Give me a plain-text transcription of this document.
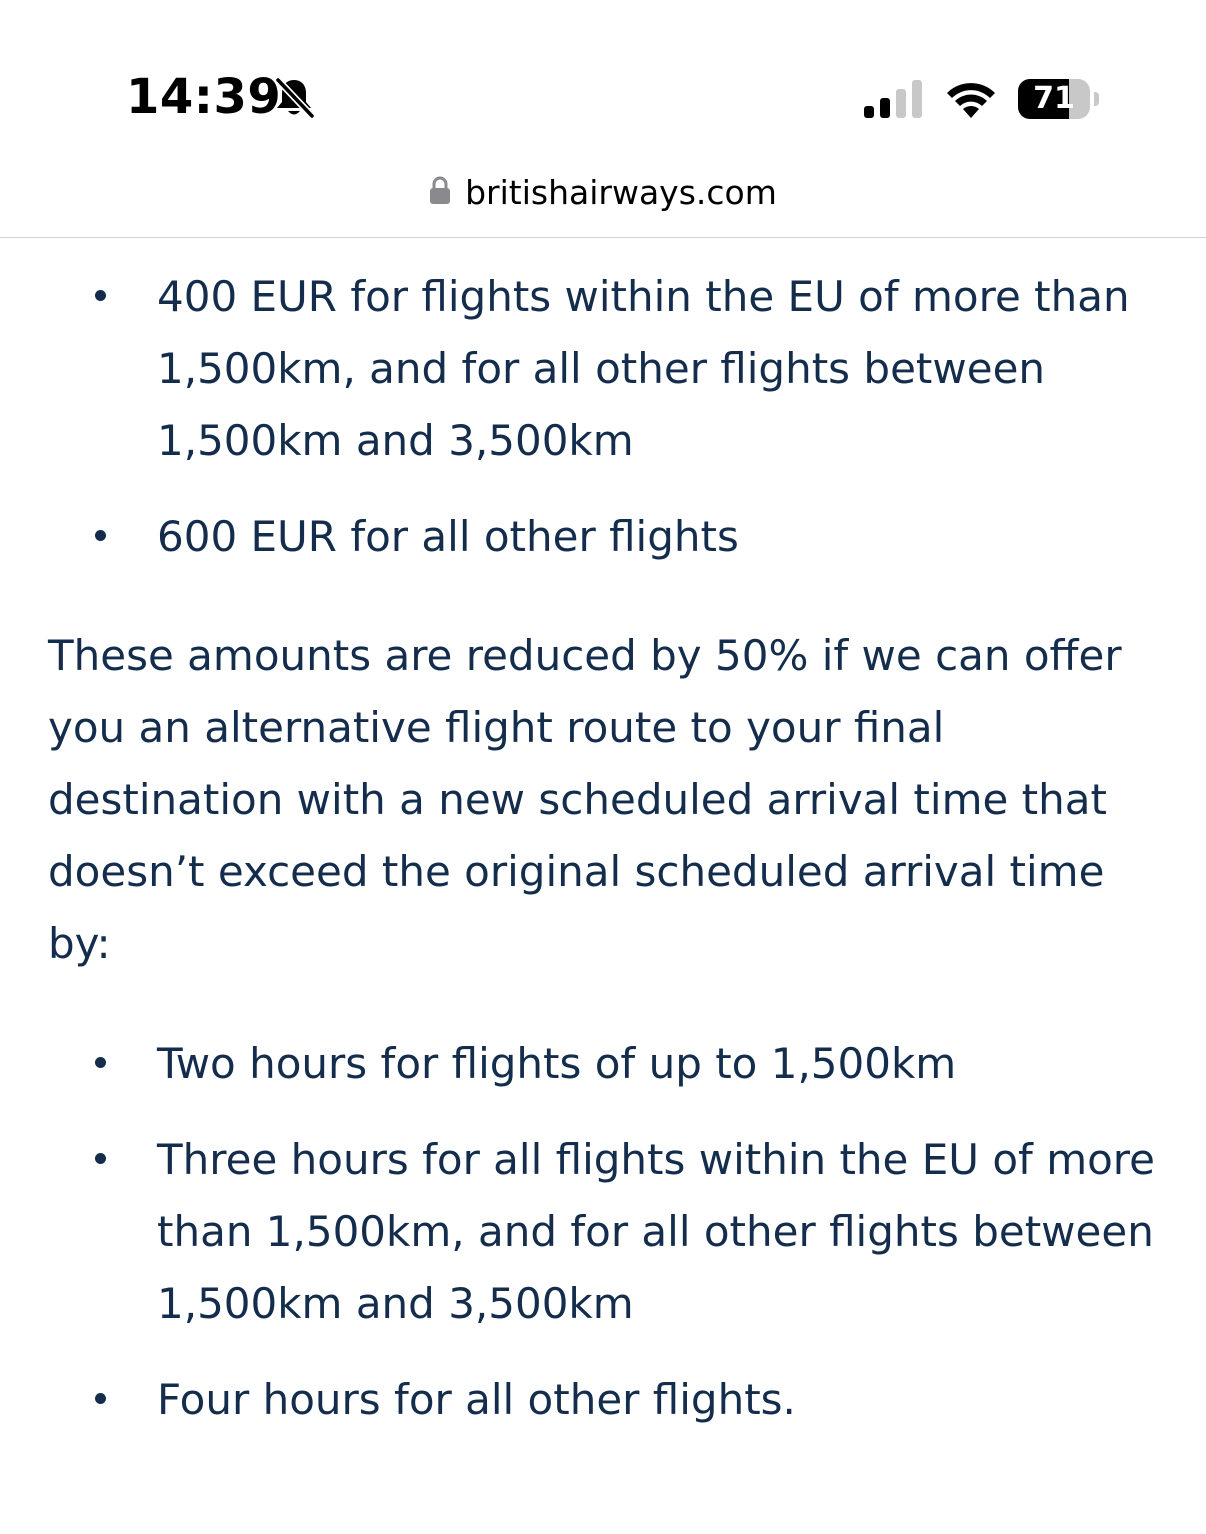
14:39	71
britishairways.com
400 EUR for flights within the EU of more than 1,500km, and for all other flights between 1,500km and 3,500km
600 EUR for all other flights

These amounts are reduced by 50% if we can offer you an alternative flight route to your final destination with a new scheduled arrival time that doesn’t exceed the original scheduled arrival time by:

Two hours for flights of up to 1,500km
Three hours for all flights within the EU of more than 1,500km, and for all other flights between 1,500km and 3,500km
Four hours for all other flights.
